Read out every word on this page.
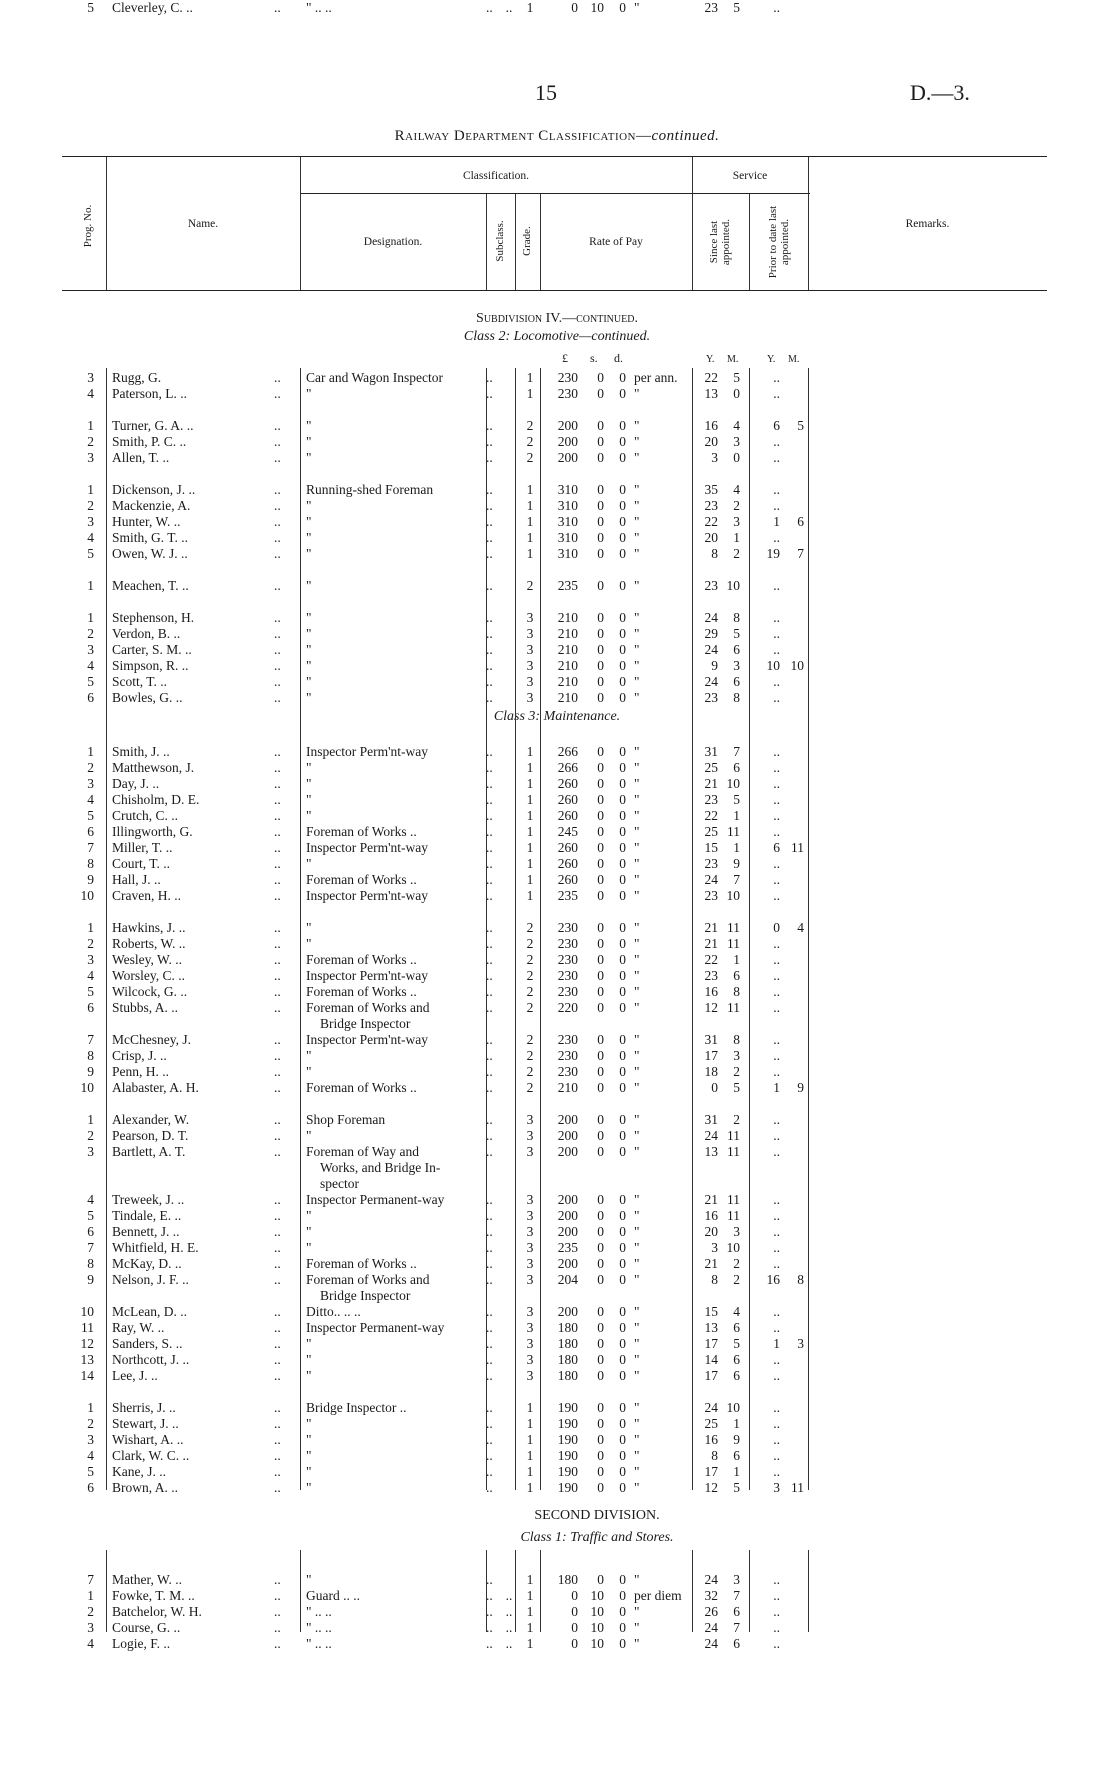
15	D.—3.
Railway Department Classification—continued.
Prog. No.	Name.
Classification.
Designation.	Subclass. Grade.	Rate of Pay
Service
Since last appointed.	Prior to date last appointed.	Remarks.
Subdivision IV.—continued.
Class 2: Locomotive—continued.
£ s. d.	Y. M.	Y. M.
Class 3: Maintenance.
SECOND DIVISION.
Class 1: Traffic and Stores.
3 Rugg, G.	.. Car and Wagon Inspector	..	1	230	0	0 per ann.	22	5	..
4 Paterson, L. ..	.. "	..	1	230	0	0 "	13	0	..
1 Turner, G. A. ..	.. "	..	2	200	0	0 "	16	4	6	5
2 Smith, P. C. ..	.. "	..	2	200	0	0 "	20	3	..
3 Allen, T. ..	.. "	..	2	200	0	0 "	3	0	..
1 Dickenson, J. ..	.. Running-shed Foreman	..	1	310	0	0 "	35	4	..
2 Mackenzie, A.	.. "	..	1	310	0	0 "	23	2	..
3 Hunter, W. ..	.. "	..	1	310	0	0 "	22	3	1	6
4 Smith, G. T. ..	.. "	..	1	310	0	0 "	20	1	..
5 Owen, W. J. ..	.. "	..	1	310	0	0 "	8	2	19	7
1 Meachen, T. ..	.. "	..	2	235	0	0 "	23 10	..
1 Stephenson, H.	.. "	..	3	210	0	0 "	24	8	..
2 Verdon, B. ..	.. "	..	3	210	0	0 "	29	5	..
3 Carter, S. M. ..	.. "	..	3	210	0	0 "	24	6	..
4 Simpson, R. ..	.. "	..	3	210	0	0 "	9	3	10 10
5 Scott, T. ..	.. "	..	3	210	0	0 "	24	6	..
6 Bowles, G. ..	.. "	..	3	210	0	0 "	23	8	..
1 Smith, J. ..	.. Inspector Perm'nt-way	..	1	266	0	0 "	31	7	..
2 Matthewson, J.	.. "	..	1	266	0	0 "	25	6	..
3 Day, J. ..	.. "	..	1	260	0	0 "	21 10	..
4 Chisholm, D. E.	.. "	..	1	260	0	0 "	23	5	..
5 Crutch, C. ..	.. "	..	1	260	0	0 "	22	1	..
6 Illingworth, G.	.. Foreman of Works ..	..	1	245	0	0 "	25 11	..
7 Miller, T. ..	.. Inspector Perm'nt-way	..	1	260	0	0 "	15	1	6 11
8 Court, T. ..	.. "	..	1	260	0	0 "	23	9	..
9 Hall, J. ..	.. Foreman of Works ..	..	1	260	0	0 "	24	7	..
10 Craven, H. ..	.. Inspector Perm'nt-way	..	1	235	0	0 "	23 10	..
1 Hawkins, J. ..	.. "	..	2	230	0	0 "	21 11	0	4
2 Roberts, W. ..	.. "	..	2	230	0	0 "	21 11	..
3 Wesley, W. ..	.. Foreman of Works ..	..	2	230	0	0 "	22	1	..
4 Worsley, C. ..	.. Inspector Perm'nt-way	..	2	230	0	0 "	23	6	..
5 Wilcock, G. ..	.. Foreman of Works ..	..	2	230	0	0 "	16	8	..
6 Stubbs, A. ..	.. Foreman of Works and	..	2	220	0	0 "	12 11	..
Bridge Inspector
7 McChesney, J.	.. Inspector Perm'nt-way	..	2	230	0	0 "	31	8	..
8 Crisp, J. ..	.. "	..	2	230	0	0 "	17	3	..
9 Penn, H. ..	.. "	..	2	230	0	0 "	18	2	..
10 Alabaster, A. H.	.. Foreman of Works ..	..	2	210	0	0 "	0	5	1	9
1 Alexander, W.	.. Shop Foreman	..	3	200	0	0 "	31	2	..
2 Pearson, D. T.	.. "	..	3	200	0	0 "	24 11	..
3 Bartlett, A. T.	.. Foreman of Way and	..	3	200	0	0 "	13 11	..
Works, and Bridge In-
spector
4 Treweek, J. ..	.. Inspector Permanent-way	..	3	200	0	0 "	21 11	..
5 Tindale, E. ..	.. "	..	3	200	0	0 "	16 11	..
6 Bennett, J. ..	.. "	..	3	200	0	0 "	20	3	..
7 Whitfield, H. E.	.. "	..	3	235	0	0 "	3 10	..
8 McKay, D. ..	.. Foreman of Works ..	..	3	200	0	0 "	21	2	..
9 Nelson, J. F. ..	.. Foreman of Works and	..	3	204	0	0 "	8	2	16	8
Bridge Inspector
10 McLean, D. ..	.. Ditto.. .. ..	..	3	200	0	0 "	15	4	..
11 Ray, W. ..	.. Inspector Permanent-way	..	3	180	0	0 "	13	6	..
12 Sanders, S. ..	.. "	..	3	180	0	0 "	17	5	1	3
13 Northcott, J. ..	.. "	..	3	180	0	0 "	14	6	..
14 Lee, J. ..	.. "	..	3	180	0	0 "	17	6	..
1 Sherris, J. ..	.. Bridge Inspector ..	..	1	190	0	0 "	24 10	..
2 Stewart, J. ..	.. "	..	1	190	0	0 "	25	1	..
3 Wishart, A. ..	.. "	..	1	190	0	0 "	16	9	..
4 Clark, W. C. ..	.. "	..	1	190	0	0 "	8	6	..
5 Kane, J. ..	.. "	..	1	190	0	0 "	17	1	..
6 Brown, A. ..	.. "	..	1	190	0	0 "	12	5	3 11
7 Mather, W. ..	.. "	..	1	180	0	0 "	24	3	..
1 Fowke, T. M. ..	.. Guard .. ..	.. .. 1	0 10	0 per diem	32	7	..
2 Batchelor, W. H.	.. " .. ..	.. .. 1	0 10	0 "	26	6	..
3 Course, G. ..	.. " .. ..	.. .. 1	0 10	0 "	24	7	..
4 Logie, F. ..	.. " .. ..	.. .. 1	0 10	0 "	24	6	..
5 Cleverley, C. ..	.. " .. ..	.. .. 1	0 10	0 "	23	5	..
